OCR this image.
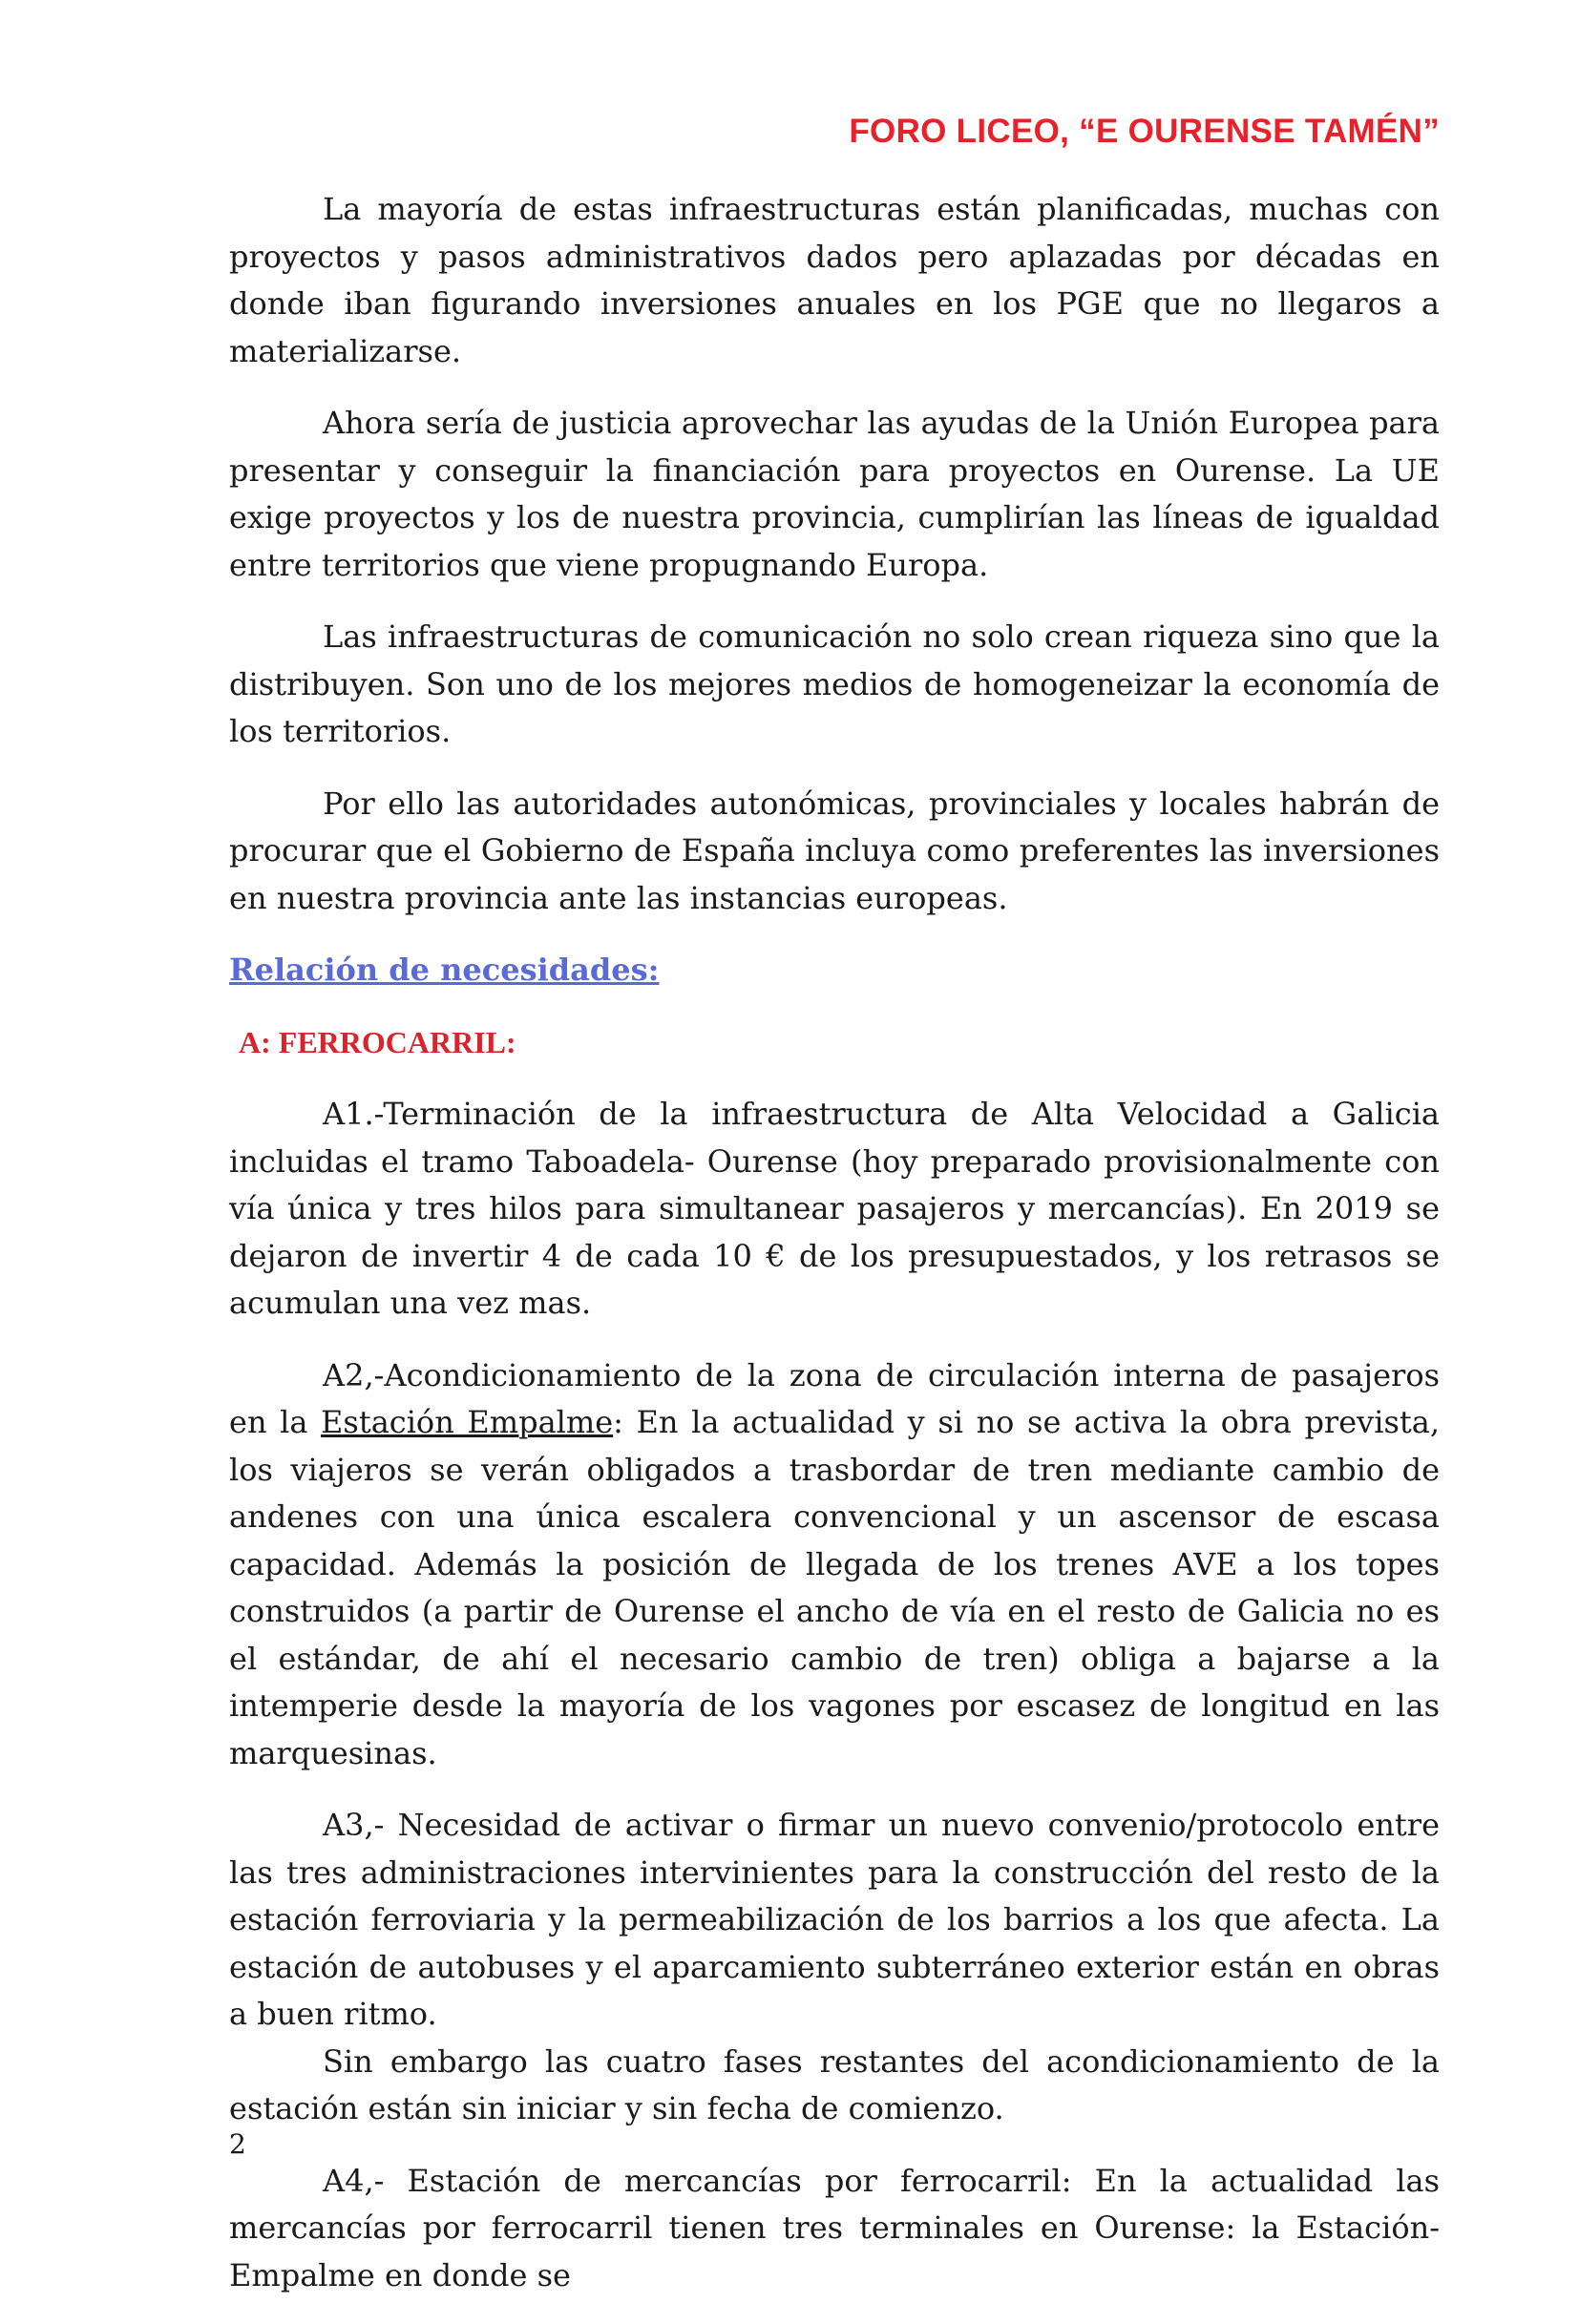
FORO LICEO, “E OURENSE TAMÉN”

La mayoría de estas infraestructuras están planificadas, muchas con proyectos y pasos administrativos dados pero aplazadas por décadas en donde iban figurando inversiones anuales en los PGE que no llegaros a materializarse.

Ahora sería de justicia aprovechar las ayudas de la Unión Europea para presentar y conseguir la financiación para proyectos en Ourense. La UE exige proyectos y los de nuestra provincia, cumplirían las líneas de igualdad entre territorios que viene propugnando Europa.

Las infraestructuras de comunicación no solo crean riqueza sino que la distribuyen. Son uno de los mejores medios de homogeneizar la economía de los territorios.

Por ello las autoridades autonómicas, provinciales y locales habrán de procurar que el Gobierno de España incluya como preferentes las inversiones en nuestra provincia ante las instancias europeas.

Relación de necesidades:
A: FERROCARRIL:

A1.-Terminación de la infraestructura de Alta Velocidad a Galicia incluidas el tramo Taboadela- Ourense (hoy preparado provisionalmente con vía única y tres hilos para simultanear pasajeros y mercancías). En 2019 se dejaron de invertir 4 de cada 10 € de los presupuestados, y los retrasos se acumulan una vez mas.

A2,-Acondicionamiento de la zona de circulación interna de pasajeros en la Estación Empalme: En la actualidad y si no se activa la obra prevista, los viajeros se verán obligados a trasbordar de tren mediante cambio de andenes con una única escalera convencional y un ascensor de escasa capacidad. Además la posición de llegada de los trenes AVE a los topes construidos (a partir de Ourense el ancho de vía en el resto de Galicia no es el estándar, de ahí el necesario cambio de tren) obliga a bajarse a la intemperie desde la mayoría de los vagones por escasez de longitud en las marquesinas.

A3,- Necesidad de activar o firmar un nuevo convenio/protocolo entre las tres administraciones intervinientes para la construcción del resto de la estación ferroviaria y la permeabilización de los barrios a los que afecta. La estación de autobuses y el aparcamiento subterráneo exterior están en obras a buen ritmo.

Sin embargo las cuatro fases restantes del acondicionamiento de la estación están sin iniciar y sin fecha de comienzo.

A4,- Estación de mercancías por ferrocarril: En la actualidad las mercancías por ferrocarril tienen tres terminales en Ourense: la Estación-Empalme en donde se

2
